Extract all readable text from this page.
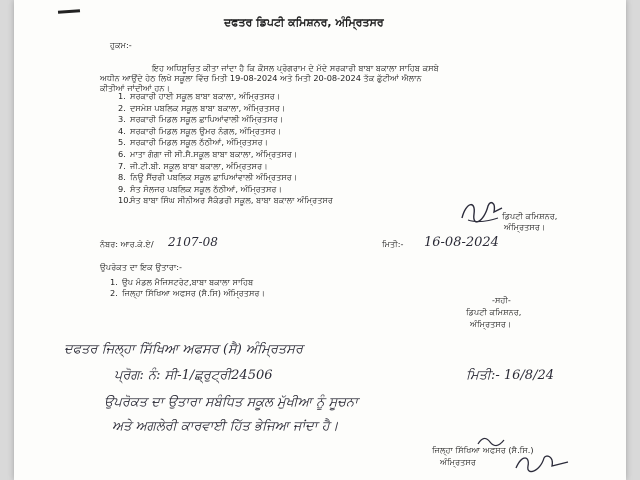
ਦਫਤਰ ਡਿਪਟੀ ਕਮਿਸ਼ਨਰ, ਅੰਮ੍ਰਿਤਸਰ
ਹੁਕਮ:-
ਇਹ ਅਧਿਸੂਚਿਤ ਕੀਤਾ ਜਾਂਦਾ ਹੈ ਕਿ ਕੌਸਲ ਪ੍ਰੋਗਰਾਮ ਦੇ ਮੱਦੇ ਸਰਕਾਰੀ ਬਾਬਾ ਬਕਾਲਾ ਸਾਹਿਬ ਕਸਬੇ
ਅਧੀਨ ਆਉਂਦੇ ਹੇਠ ਲਿਖੇ ਸਕੂਲਾ ਵਿੱਚ ਮਿਤੀ 19-08-2024 ਅਤੇ ਮਿਤੀ 20-08-2024 ਤੱਕ ਛੁੱਟੀਆਂ ਐਲਾਨ
ਕੀਤੀਆਂ ਜਾਂਦੀਆਂ ਹਨ।
1. ਸਰਕਾਰੀ ਹਾਈ ਸਕੂਲ ਬਾਬਾ ਬਕਾਲਾ, ਅੰਮ੍ਰਿਤਸਰ।
2. ਦਸਮੇਸ਼ ਪਬਲਿਕ ਸਕੂਲ ਬਾਬਾ ਬਕਾਲਾ, ਅੰਮ੍ਰਿਤਸਰ।
3. ਸਰਕਾਰੀ ਮਿਡਲ ਸਕੂਲ ਛਾਪਿਆਂਵਾਲੀ ਅੰਮ੍ਰਿਤਸਰ।
4. ਸਰਕਾਰੀ ਮਿਡਲ ਸਕੂਲ ਉਮਰ ਨੰਗਲ, ਅੰਮ੍ਰਿਤਸਰ।
5. ਸਰਕਾਰੀ ਮਿਡਲ ਸਕੂਲ ਠੱਠੀਆਂ, ਅੰਮ੍ਰਿਤਸਰ।
6. ਮਾਤਾ ਗੰਗਾ ਜੀ ਸੀ.ਸੈ.ਸਕੂਲ ਬਾਬਾ ਬਕਾਲਾ, ਅੰਮ੍ਰਿਤਸਰ।
7. ਜੀ.ਟੀ.ਬੀ. ਸਕੂਲ ਬਾਬਾ ਬਕਾਲਾ, ਅੰਮ੍ਰਿਤਸਰ।
8. ਨਿਊ ਸੈਂਚਰੀ ਪਬਲਿਕ ਸਕੂਲ ਛਾਪਿਆਂਵਾਲੀ ਅੰਮ੍ਰਿਤਸਰ।
9. ਸੰਤ ਸੋਲਜਰ ਪਬਲਿਕ ਸਕੂਲ ਠੱਠੀਆਂ, ਅੰਮ੍ਰਿਤਸਰ।
10.ਸੰਤ ਬਾਬਾ ਸਿੰਘ ਸੀਨੀਅਰ ਸੈਕੰਡਰੀ ਸਕੂਲ, ਬਾਬਾ ਬਕਾਲਾ ਅੰਮ੍ਰਿਤਸਰ
ਡਿਪਟੀ ਕਮਿਸ਼ਨਰ,
ਅੰਮ੍ਰਿਤਸਰ।
ਨੰਬਰ: ਆਰ.ਕੇ.ਏ/ 2107-08	ਮਿਤੀ:- 16-08-2024
ਉਪਰੋਕਤ ਦਾ ਇਕ ਉਤਾਰਾ:-
1. ਉਪ ਮੰਡਲ ਮੈਜਿਸਟਰੇਟ,ਬਾਬਾ ਬਕਾਲਾ ਸਾਹਿਬ
2. ਜਿਲ੍ਹਾ ਸਿੱਖਿਆ ਅਫਸਰ (ਸੈ.ਸਿ) ਅੰਮ੍ਰਿਤਸਰ।
-ਸਹੀ-
ਡਿਪਟੀ ਕਮਿਸ਼ਨਰ,
ਅੰਮ੍ਰਿਤਸਰ।
ਦਫਤਰ ਜਿਲ੍ਹਾ ਸਿੱਖਿਆ ਅਫਸਰ (ਸੈ) ਅੰਮ੍ਰਿਤਸਰ
ਪ੍ਰੋਗ: ਨੰ: ਸੀ-1/ਛ੍ਰੁਟ੍ਰੀ24506	ਮਿਤੀ:- 16/8/24
ਉਪਰੋਕਤ ਦਾ ਉਤਾਰਾ ਸਬੰਧਿਤ ਸਕੂਲ ਮੁੱਖੀਆ ਨੂੰ ਸੂਚਨਾ
ਅਤੇ ਅਗਲੇਰੀ ਕਾਰਵਾਈ ਹਿੱਤ ਭੇਜਿਆ ਜਾਂਦਾ ਹੈ।
ਜਿਲ੍ਹਾ ਸਿੱਖਿਆ ਅਫਸਰ (ਸੈ.ਸਿ.)
ਅੰਮ੍ਰਿਤਸਰ
